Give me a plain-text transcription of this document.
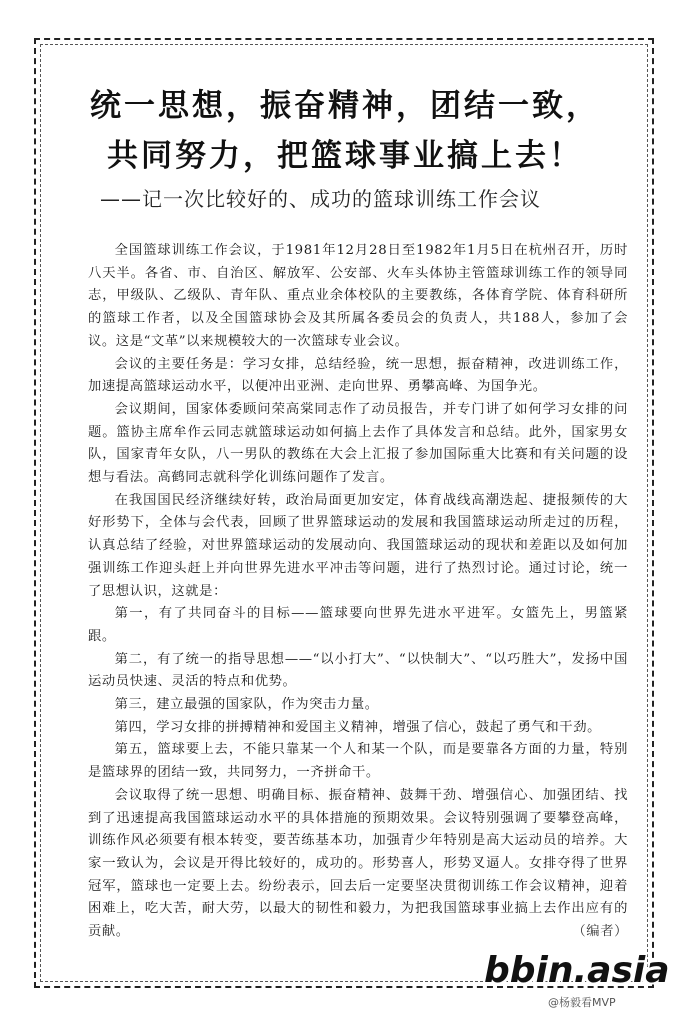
统一思想，振奋精神，团结一致，
共同努力，把篮球事业搞上去！
——记一次比较好的、成功的篮球训练工作会议

全国篮球训练工作会议，于1981年12月28日至1982年1月5日在杭州召开，历时八天半。各省、市、自治区、解放军、公安部、火车头体协主管篮球训练工作的领导同志，甲级队、乙级队、青年队、重点业余体校队的主要教练，各体育学院、体育科研所的篮球工作者，以及全国篮球协会及其所属各委员会的负责人，共188人，参加了会议。这是“文革”以来规模较大的一次篮球专业会议。

会议的主要任务是：学习女排，总结经验，统一思想，振奋精神，改进训练工作，加速提高篮球运动水平，以便冲出亚洲、走向世界、勇攀高峰、为国争光。

会议期间，国家体委顾问荣高棠同志作了动员报告，并专门讲了如何学习女排的问题。篮协主席牟作云同志就篮球运动如何搞上去作了具体发言和总结。此外，国家男女队，国家青年女队，八一男队的教练在大会上汇报了参加国际重大比赛和有关问题的设想与看法。高鹤同志就科学化训练问题作了发言。

在我国国民经济继续好转，政治局面更加安定，体育战线高潮迭起、捷报频传的大好形势下，全体与会代表，回顾了世界篮球运动的发展和我国篮球运动所走过的历程，认真总结了经验，对世界篮球运动的发展动向、我国篮球运动的现状和差距以及如何加强训练工作迎头赶上并向世界先进水平冲击等问题，进行了热烈讨论。通过讨论，统一了思想认识，这就是：

第一，有了共同奋斗的目标——篮球要向世界先进水平进军。女篮先上，男篮紧跟。

第二，有了统一的指导思想——“以小打大”、“以快制大”、“以巧胜大”，发扬中国运动员快速、灵活的特点和优势。

第三，建立最强的国家队，作为突击力量。

第四，学习女排的拼搏精神和爱国主义精神，增强了信心，鼓起了勇气和干劲。

第五，篮球要上去，不能只靠某一个人和某一个队，而是要靠各方面的力量，特别是篮球界的团结一致，共同努力，一齐拼命干。

会议取得了统一思想、明确目标、振奋精神、鼓舞干劲、增强信心、加强团结、找到了迅速提高我国篮球运动水平的具体措施的预期效果。会议特别强调了要攀登高峰，训练作风必须要有根本转变，要苦练基本功，加强青少年特别是高大运动员的培养。大家一致认为，会议是开得比较好的，成功的。形势喜人，形势叉逼人。女排夺得了世界冠军，篮球也一定要上去。纷纷表示，回去后一定要坚决贯彻训练工作会议精神，迎着困难上，吃大苦，耐大劳，以最大的韧性和毅力，为把我国篮球事业搞上去作出应有的贡献。	（编者）

bbin.asia
@杨毅看MVP
